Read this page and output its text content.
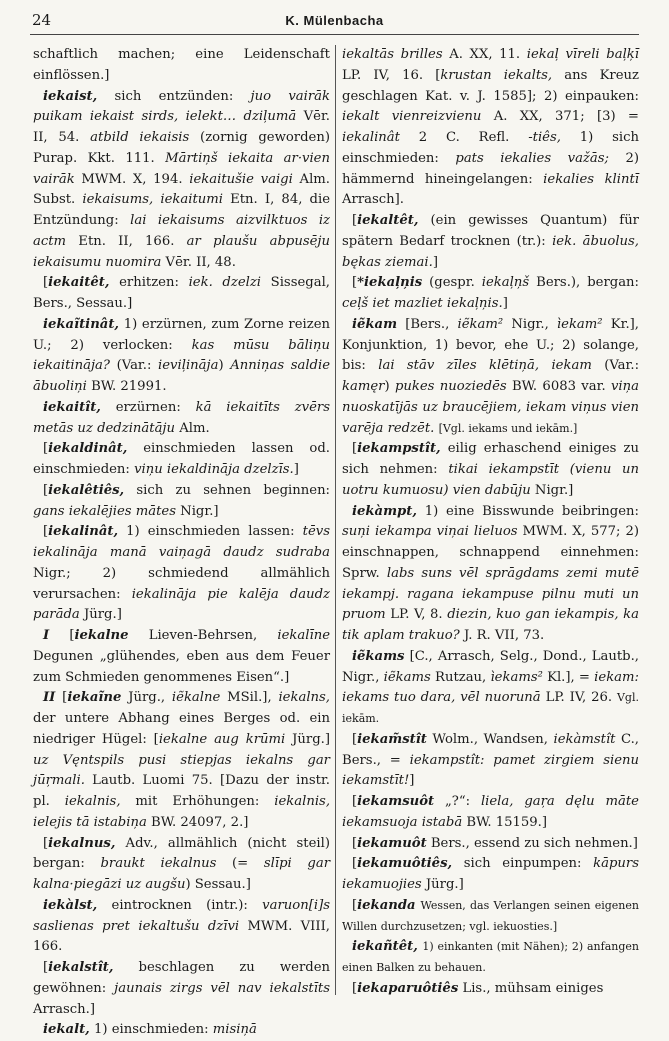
24	K. Mülenbacha

schaftlich machen; eine Leidenschaft einflössen.]

iekaist, sich entzünden: juo vairāk puikam iekaist sirds, ielekt… dziļumā Vēr. II, 54. atbild iekaisis (zornig geworden) Purap. Kkt. 111. Mārtiņš iekaita ar·vien vairāk MWM. X, 194. iekaitušie vaigi Alm. Subst. iekaisums, iekaitumi Etn. I, 84, die Entzündung: lai iekaisums aizvilktuos iz actm Etn. II, 166. ar plaušu abpusēju iekaisumu nuomira Vēr. II, 48.

[iekaitêt, erhitzen: iek. dzelzi Sissegal, Bers., Sessau.]

iekaĩtinât, 1) erzürnen, zum Zorne reizen U.; 2) verlocken: kas mūsu bāliņu iekaitināja? (Var.: ieviļināja) Anniņas saldie ābuoliņi BW. 21991.

iekaitît, erzürnen: kā iekaitīts zvērs metās uz dedzinātāju Alm.

[iekaldinât, einschmieden lassen od. einschmieden: viņu iekaldināja dzelzīs.]

[iekalêtiês, sich zu sehnen beginnen: gans iekalējies mātes Nigr.]

[iekalinât, 1) einschmieden lassen: tēvs iekalināja manā vaiņagā daudz sudraba Nigr.; 2) schmiedend allmählich verursachen: iekalināja pie kalēja daudz parāda Jürg.]

I [iekalne Lieven-Behrsen, iekalīne Degunen „glühendes, eben aus dem Feuer zum Schmieden genommenes Eisen“.]

II [iekaĩne Jürg., iẽkalne MSil.], iekalns, der untere Abhang eines Berges od. ein niedriger Hügel: [iekalne aug krūmi Jürg.] uz Vęntspils pusi stiepjas iekalns gar jūŗmali. Lautb. Luomi 75. [Dazu der instr. pl. iekalnis, mit Erhöhungen: iekalnis, ielejis tā istabiņa BW. 24097, 2.]

[iekalnus, Adv., allmählich (nicht steil) bergan: braukt iekalnus (= slīpi gar kalna·piegāzi uz augšu) Sessau.]

iekàlst, eintrocknen (intr.): varuon[i]s saslienas pret iekaltušu dzīvi MWM. VIII, 166.

[iekalstît, beschlagen zu werden gewöhnen: jaunais zirgs vēl nav iekalstīts Arrasch.]

iekalt, 1) einschmieden: misiņā

iekaltās brilles A. XX, 11. iekaļ vīreli baļķī LP. IV, 16. [krustan iekalts, ans Kreuz geschlagen Kat. v. J. 1585]; 2) einpauken: iekalt vienreizvienu A. XX, 371; [3) = iekalinât 2 C. Refl. -tiês, 1) sich einschmieden: pats iekalies važās; 2) hämmernd hineingelangen: iekalies klintī Arrasch].

[iekaltêt, (ein gewisses Quantum) für spätern Bedarf trocknen (tr.): iek. ābuolus, bękas ziemai.]

[*iekaļņis (gespr. iekaļņš Bers.), bergan: ceļš iet mazliet iekaļņis.]

iẽkam [Bers., iẽkam² Nigr., ìekam² Kr.], Konjunktion, 1) bevor, ehe U.; 2) solange, bis: lai stāv zīles klētiņā, iekam (Var.: kamęr) pukes nuoziedēs BW. 6083 var. viņa nuoskatījās uz braucējiem, iekam viņus vien varēja redzēt. [Vgl. iekams und iekām.]

[iekampstît, eilig erhaschend einiges zu sich nehmen: tikai iekampstīt (vienu un uotru kumuosu) vien dabūju Nigr.]

iekàmpt, 1) eine Bisswunde beibringen: suņi iekampa viņai lieluos MWM. X, 577; 2) einschnappen, schnappend einnehmen: Sprw. labs suns vēl sprāgdams zemi mutē iekampj. ragana iekampuse pilnu muti un pruom LP. V, 8. diezin, kuo gan iekampis, ka tik aplam trakuo? J. R. VII, 73.

iẽkams [C., Arrasch, Selg., Dond., Lautb., Nigr., iẽkams Rutzau, ìekams² Kl.], = iekam: iekams tuo dara, vēl nuorunā LP. IV, 26. Vgl. iekām.

[iekam̃stît Wolm., Wandsen, iekàmstît C., Bers., = iekampstît: pamet zirgiem sienu iekamstīt!]

[iekamsuôt „?“: liela, gaŗa dęlu māte iekamsuoja istabā BW. 15159.]

[iekamuôt Bers., essend zu sich nehmen.]

[iekamuôtiês, sich einpumpen: kāpurs iekamuojies Jürg.]

[iekanda Wessen, das Verlangen seinen eigenen Willen durchzusetzen; vgl. iekuosties.]

iekañtêt, 1) einkanten (mit Nähen); 2) anfangen einen Balken zu behauen.

[iekaparuôtiês Lis., mühsam einiges
